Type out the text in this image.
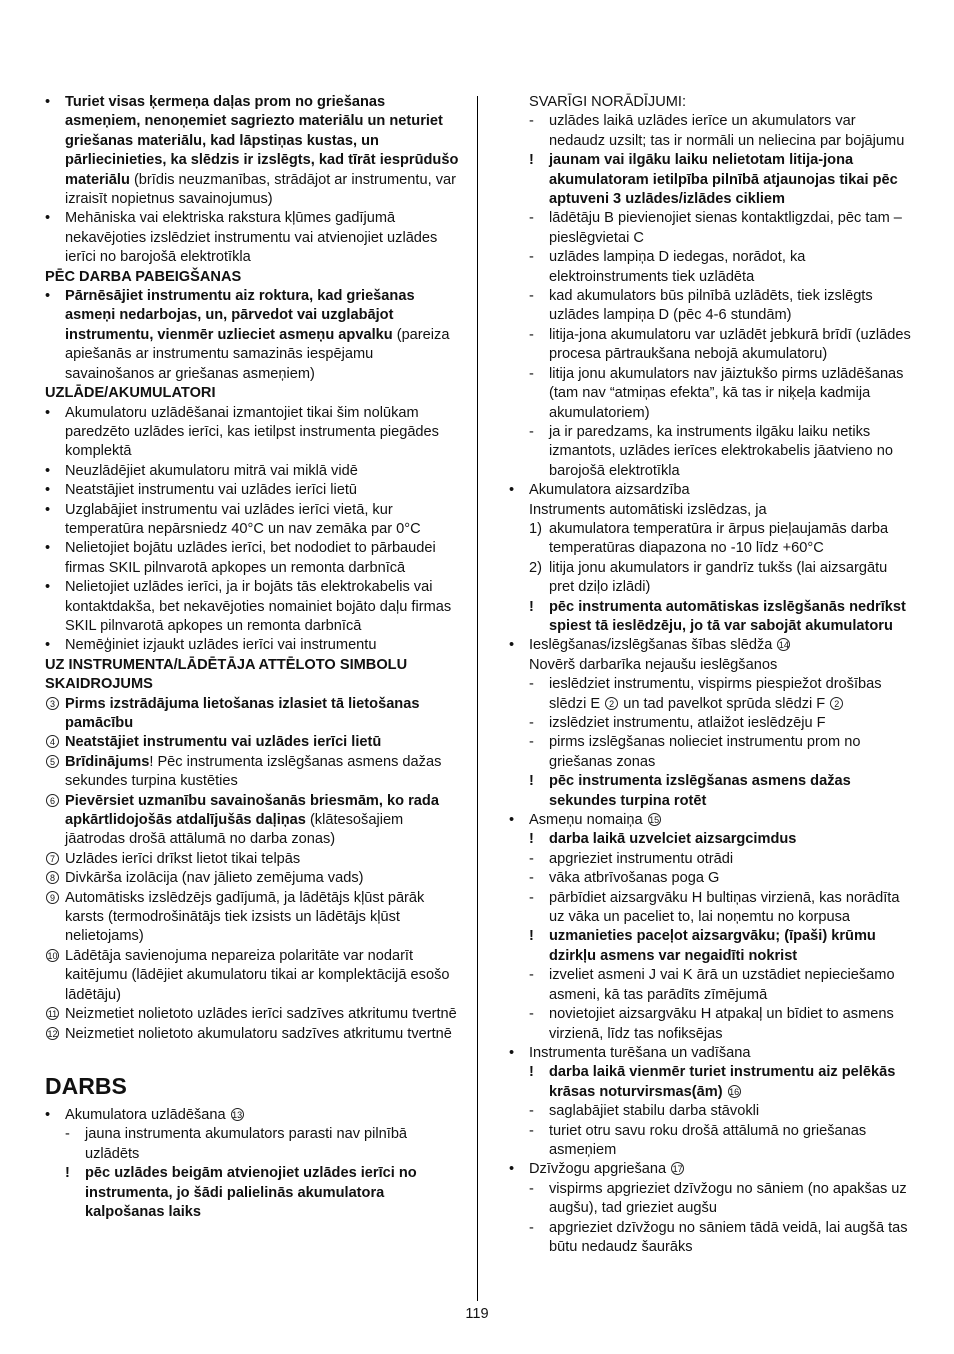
•	Turiet visas ķermeņa daļas prom no griešanas asmeņiem, nenoņemiet sagriezto materiālu un neturiet griešanas materiālu, kad lāpstiņas kustas, un pārliecinieties, ka slēdzis ir izslēgts, kad tīrāt iesprūdušo materiālu (brīdis neuzmanības, strādājot ar instrumentu, var izraisīt nopietnus savainojumus)
•	Mehāniska vai elektriska rakstura kļūmes gadījumā nekavējoties izslēdziet instrumentu vai atvienojiet uzlādes ierīci no barojošā elektrotīkla
PĒC DARBA PABEIGŠANAS
•	Pārnēsājiet instrumentu aiz roktura, kad griešanas asmeņi nedarbojas, un, pārvedot vai uzglabājot instrumentu, vienmēr uzlieciet asmeņu apvalku (pareiza apiešanās ar instrumentu samazinās iespējamu savainošanos ar griešanas asmeņiem)
UZLĀDE/AKUMULATORI
•	Akumulatoru uzlādēšanai izmantojiet tikai šim nolūkam paredzēto uzlādes ierīci, kas ietilpst instrumenta piegādes komplektā
•	Neuzlādējiet akumulatoru mitrā vai miklā vidē
•	Neatstājiet instrumentu vai uzlādes ierīci lietū
•	Uzglabājiet instrumentu vai uzlādes ierīci vietā, kur temperatūra nepārsniedz 40°C un nav zemāka par 0°C
•	Nelietojiet bojātu uzlādes ierīci, bet nododiet to pārbaudei firmas SKIL pilnvarotā apkopes un remonta darbnīcā
•	Nelietojiet uzlādes ierīci, ja ir bojāts tās elektrokabelis vai kontaktdakša, bet nekavējoties nomainiet bojāto daļu firmas SKIL pilnvarotā apkopes un remonta darbnīcā
•	Nemēģiniet izjaukt uzlādes ierīci vai instrumentu
UZ INSTRUMENTA/LĀDĒTĀJA ATTĒLOTO SIMBOLU SKAIDROJUMS
3 Pirms izstrādājuma lietošanas izlasiet tā lietošanas pamācību
4 Neatstājiet instrumentu vai uzlādes ierīci lietū
5 Brīdinājums! Pēc instrumenta izslēgšanas asmens dažas sekundes turpina kustēties
6 Pievērsiet uzmanību savainošanās briesmām, ko rada apkārtlidojošās atdalījušās daļiņas (klātesošajiem jāatrodas drošā attālumā no darba zonas)
7 Uzlādes ierīci drīkst lietot tikai telpās
8 Divkārša izolācija (nav jālieto zemējuma vads)
9 Automātisks izslēdzējs gadījumā, ja lādētājs kļūst pārāk karsts (termodrošinātājs tiek izsists un lādētājs kļūst nelietojams)
10 Lādētāja savienojuma nepareiza polaritāte var nodarīt kaitējumu (lādējiet akumulatoru tikai ar komplektācijā esošo lādētāju)
11 Neizmetiet nolietoto uzlādes ierīci sadzīves atkritumu tvertnē
12 Neizmetiet nolietoto akumulatoru sadzīves atkritumu tvertnē
DARBS
•	Akumulatora uzlādēšana 13
-	jauna instrumenta akumulators parasti nav pilnībā uzlādēts
!	pēc uzlādes beigām atvienojiet uzlādes ierīci no instrumenta, jo šādi palielinās akumulatora kalpošanas laiks
SVARĪGI NORĀDĪJUMI:
-	uzlādes laikā uzlādes ierīce un akumulators var nedaudz uzsilt; tas ir normāli un neliecina par bojājumu
!	jaunam vai ilgāku laiku nelietotam litija-jona akumulatoram ietilpība pilnībā atjaunojas tikai pēc aptuveni 3 uzlādes/izlādes cikliem
-	lādētāju B pievienojiet sienas kontaktligzdai, pēc tam – pieslēgvietai C
-	uzlādes lampiņa D iedegas, norādot, ka elektroinstruments tiek uzlādēta
-	kad akumulators būs pilnībā uzlādēts, tiek izslēgts uzlādes lampiņa D (pēc 4-6 stundām)
-	litija-jona akumulatoru var uzlādēt jebkurā brīdī (uzlādes procesa pārtraukšana nebojā akumulatoru)
-	litija jonu akumulators nav jāiztukšo pirms uzlādēšanas (tam nav “atmiņas efekta”, kā tas ir niķeļa kadmija akumulatoriem)
-	ja ir paredzams, ka instruments ilgāku laiku netiks izmantots, uzlādes ierīces elektrokabelis jāatvieno no barojošā elektrotīkla
•	Akumulatora aizsardzība
Instruments automātiski izslēdzas, ja
1) akumulatora temperatūra ir ārpus pieļaujamās darba temperatūras diapazona no -10 līdz +60°C
2) litija jonu akumulators ir gandrīz tukšs (lai aizsargātu pret dziļo izlādi)
!	pēc instrumenta automātiskas izslēgšanās nedrīkst spiest tā ieslēdzēju, jo tā var sabojāt akumulatoru
•	Ieslēgšanas/izslēgšanas šības slēdža 14
Novērš darbarīka nejaušu ieslēgšanos
-	ieslēdziet instrumentu, vispirms piespiežot drošības slēdzi E 2 un tad pavelkot sprūda slēdzi F 2
-	izslēdziet instrumentu, atlaižot ieslēdzēju F
-	pirms izslēgšanas nolieciet instrumentu prom no griešanas zonas
!	pēc instrumenta izslēgšanas asmens dažas sekundes turpina rotēt
•	Asmeņu nomaiņa 15
!	darba laikā uzvelciet aizsargcimdus
-	apgrieziet instrumentu otrādi
-	vāka atbrīvošanas poga G
-	pārbīdiet aizsargvāku H bultiņas virzienā, kas norādīta uz vāka un paceliet to, lai noņemtu no korpusa
!	uzmanieties paceļot aizsargvāku; (īpaši) krūmu dzirkļu asmens var negaidīti nokrist
-	izveliet asmeni J vai K ārā un uzstādiet nepieciešamo asmeni, kā tas parādīts zīmējumā
-	novietojiet aizsargvāku H atpakaļ un bīdiet to asmens virzienā, līdz tas nofiksējas
•	Instrumenta turēšana un vadīšana
!	darba laikā vienmēr turiet instrumentu aiz pelēkās krāsas noturvirsmas(ām) 16
-	saglabājiet stabilu darba stāvokli
-	turiet otru savu roku drošā attālumā no griešanas asmeņiem
•	Dzīvžogu apgriešana 17
-	vispirms apgrieziet dzīvžogu no sāniem (no apakšas uz augšu), tad grieziet augšu
-	apgrieziet dzīvžogu no sāniem tādā veidā, lai augšā tas būtu nedaudz šaurāks
119
